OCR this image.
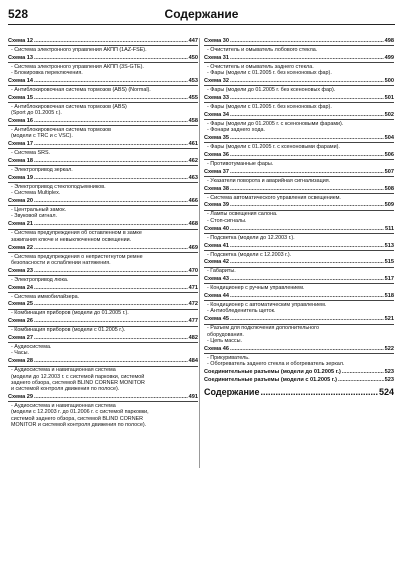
528	Содержание
Схема 12 .....	447
- Система электронного управления АКПП (1AZ-FSE).
Схема 13 .....	450
- Система электронного управления АКПП (3S-GTE).
- Блокировка переключения.
Схема 14 .....	453
- Антиблокировочная система тормозов (ABS) (Normal).
Схема 15 .....	455
- Антиблокировочная система тормозов (ABS)
(Sport до 01.2005 г.).
Схема 16 .....	458
- Антиблокировочная система тормозов
(модели с TRC и с VSC).
Схема 17 .....	461
- Система SRS.
Схема 18 .....	462
- Электропривод зеркал.
Схема 19 .....	463
- Электропривод стеклоподъемников.
- Система Multiplex.
Схема 20 .....	466
- Центральный замок.
- Звуковой сигнал.
Схема 21 .....	468
- Система предупреждения об оставленном в замке
зажигания ключе и невыключенном освещении.
Схема 22 .....	469
- Система предупреждения о непристегнутом ремне
безопасности и ослаблении натяжения.
Схема 23 .....	470
- Электропривод люка.
Схема 24 .....	471
- Система иммобилайзера.
Схема 25 .....	472
- Комбинация приборов (модели до 01.2005 г.).
Схема 26 .....	477
- Комбинация приборов (модели с 01.2005 г.).
Схема 27 .....	482
- Аудиосистема.
- Часы.
Схема 28 .....	484
- Аудиосистема и навигационная система
(модели до 12.2003 г. с системой парковки, системой
заднего обзора, системой BLIND CORNER MONITOR
и системой контроля движения по полосе).
Схема 29 .....	491
- Аудиосистема и навигационная система
(модели с 12.2003 г. до 01.2006 г. с системой парковки,
системой заднего обзора, системой BLIND CORNER
MONITOR и системой контроля движения по полосе).
Схема 30 .....	498
- Очиститель и омыватель лобового стекла.
Схема 31 .....	499
- Очиститель и омыватель заднего стекла.
- Фары (модели с 01.2005 г. без ксеноновых фар).
Схема 32 .....	500
- Фары (модели до 01.2005 г. без ксеноновых фар).
Схема 33 .....	501
- Фары (модели с 01.2005 г. без ксеноновых фар).
Схема 34 .....	502
- Фары (модели до 01.2005 г. с ксеноновыми фарами).
- Фонари заднего хода.
Схема 35 .....	504
- Фары (модели с 01.2005 г. с ксеноновыми фарами).
Схема 36 .....	506
- Противотуманные фары.
Схема 37 .....	507
- Указатели поворота и аварийная сигнализация.
Схема 38 .....	508
- Система автоматического управления освещением.
Схема 39 .....	509
- Лампы освещения салона.
- Стоп-сигналы.
Схема 40 .....	511
- Подсветка (модели до 12.2003 г.).
Схема 41 .....	513
- Подсветка (модели с 12.2003 г.).
Схема 42 .....	515
- Габариты.
Схема 43 .....	517
- Кондиционер с ручным управлением.
Схема 44 .....	518
- Кондиционер с автоматическим управлением.
- Антиобледенитель щеток.
Схема 45 .....	521
- Разъем для подключения дополнительного
оборудования.
- Цепь массы.
Схема 46 .....	522
- Прикуриватель.
- Обогреватель заднего стекла и обогреватель зеркал.
Соединительные разъемы (модели до 01.2005 г.) .....	523
Соединительные разъемы (модели с 01.2005 г.) .....	523
Содержание .....	524
